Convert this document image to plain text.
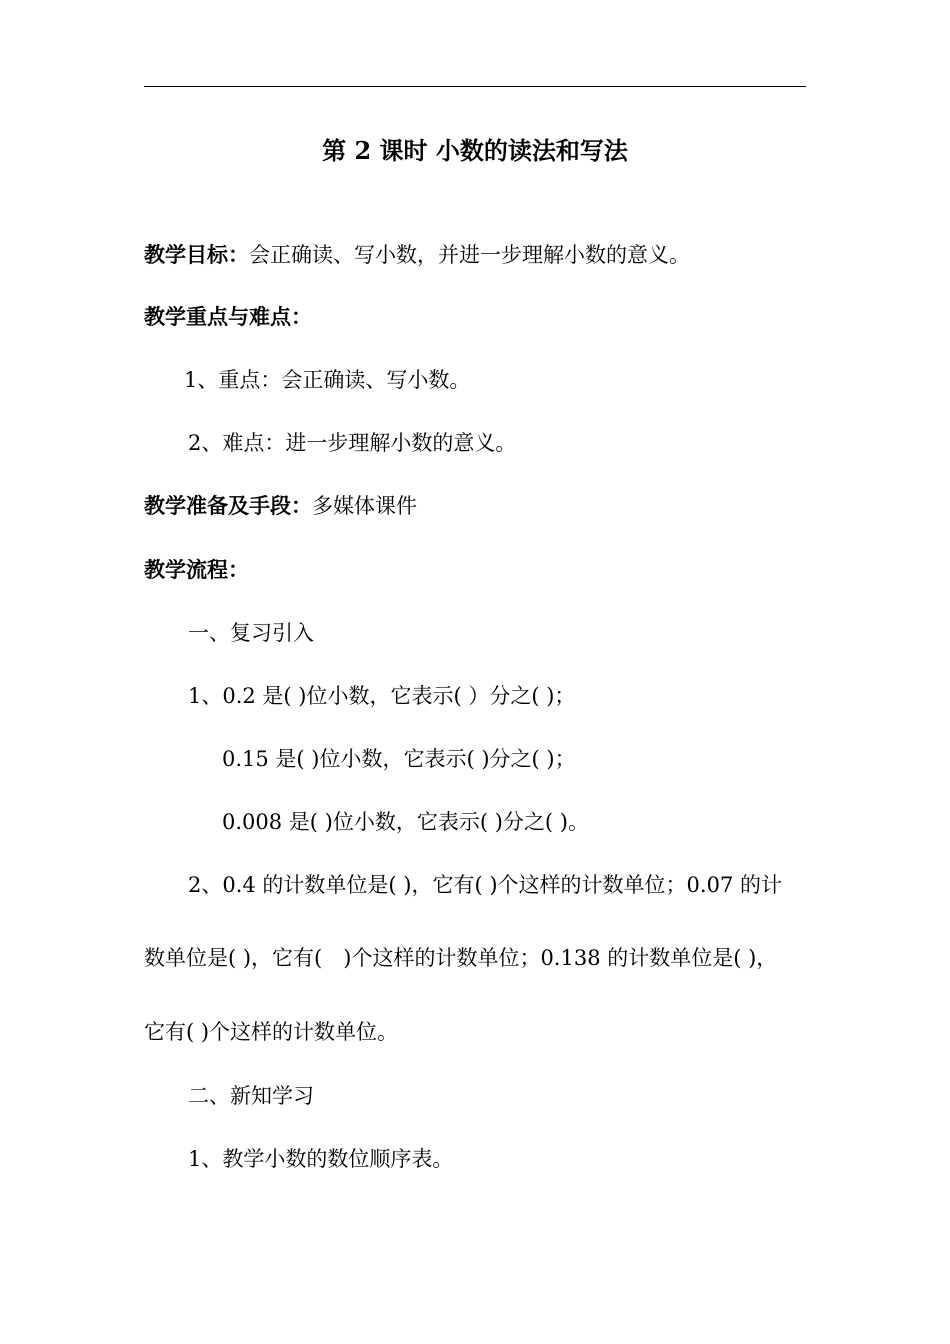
第 2 课时 小数的读法和写法

教学目标：会正确读、写小数，并进一步理解小数的意义。

教学重点与难点：

1、重点：会正确读、写小数。

2、难点：进一步理解小数的意义。

教学准备及手段：多媒体课件

教学流程：

一、复习引入

1、0.2 是( )位小数，它表示( ）分之( )；

0.15 是( )位小数，它表示( )分之( )；

0.008 是( )位小数，它表示( )分之( )。

2、0.4 的计数单位是( )，它有( )个这样的计数单位；0.07 的计

数单位是( )，它有(　)个这样的计数单位；0.138 的计数单位是( )，

它有( )个这样的计数单位。

二、新知学习

1、教学小数的数位顺序表。
